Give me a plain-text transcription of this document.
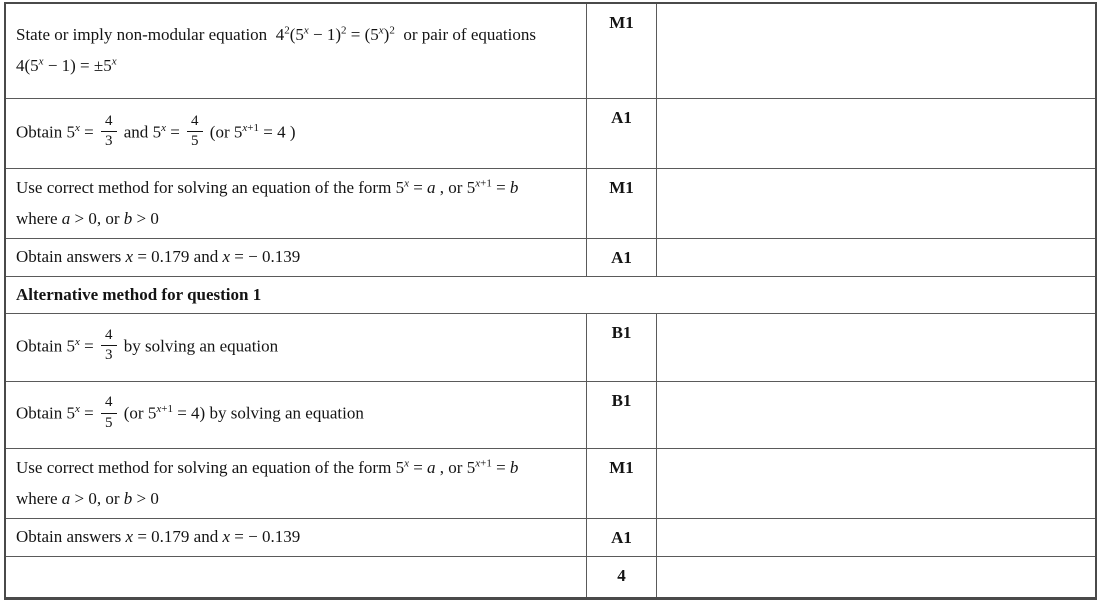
State or imply non-modular equation  $4^2(5^x - 1)^2 = (5^x)^2$  or pair of equations
$4(5^x - 1) = \pm 5^x$
M1
Obtain $5^x = \frac{4}{3}$ and $5^x = \frac{4}{5} (or$ $5^{x+1} = 4$ )
A1
Use correct method for solving an equation of the form $5^x = a$ , or $5^{x+1} = b$
where a > 0, or b > 0
M1
Obtain answers x = 0.179 and x = − 0.139	A1
Alternative method for question 1
Obtain $5^x = \frac{4}{3}$ by solving an equation
B1
Obtain $5^x = \frac{4}{5} (or$ $5^{x+1} = 4$) by solving an equation
B1
Use correct method for solving an equation of the form $5^x = a$ , or $5^{x+1} = b$
where a > 0, or b > 0
M1
Obtain answers x = 0.179 and x = − 0.139	A1
4
